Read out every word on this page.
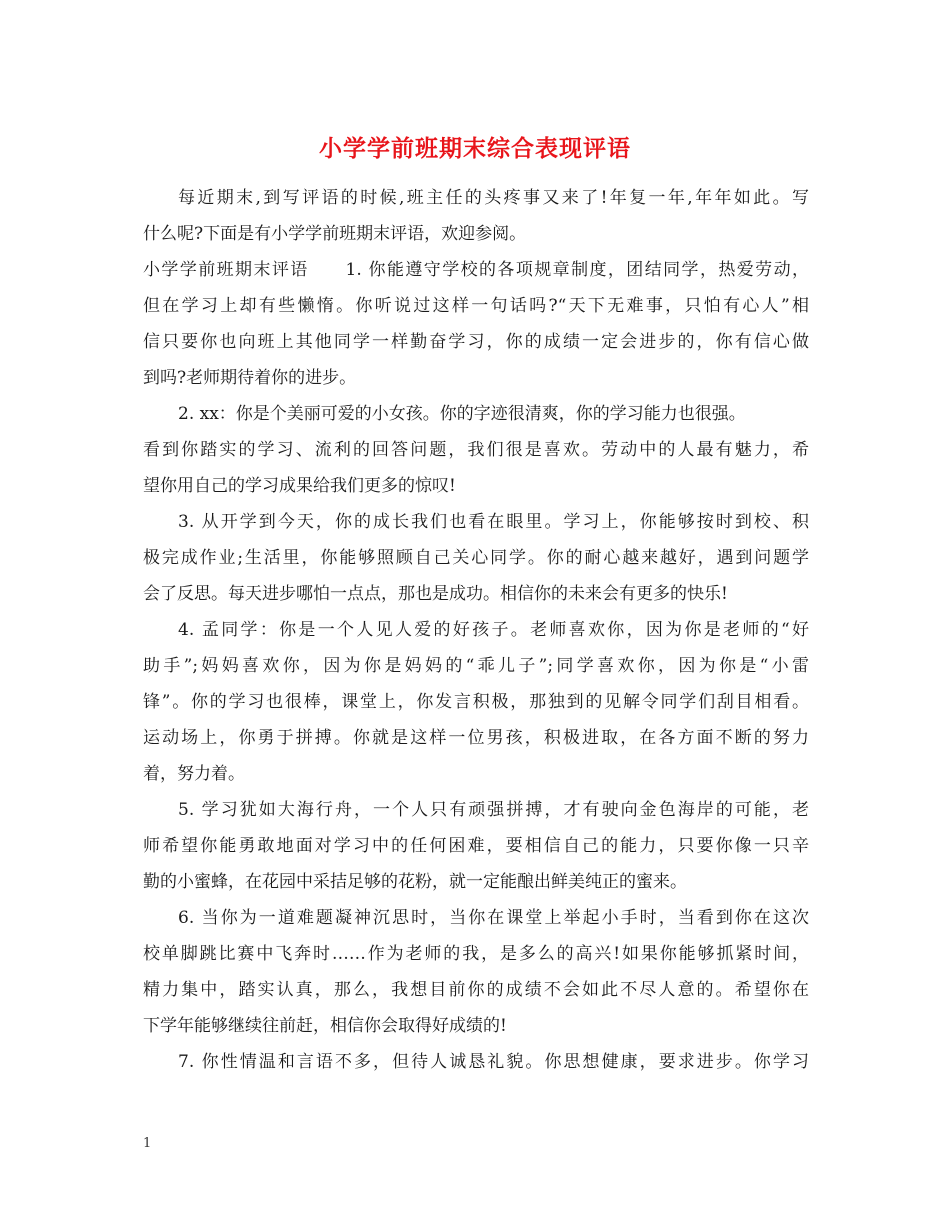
小学学前班期末综合表现评语
每近期末,到写评语的时候,班主任的头疼事又来了!年复一年,年年如此。写
什么呢?下面是有小学学前班期末评语，欢迎参阅。
小学学前班期末评语　　1. 你能遵守学校的各项规章制度，团结同学，热爱劳动，
但在学习上却有些懒惰。你听说过这样一句话吗?“天下无难事，只怕有心人”相
信只要你也向班上其他同学一样勤奋学习，你的成绩一定会进步的，你有信心做
到吗?老师期待着你的进步。
2. xx：你是个美丽可爱的小女孩。你的字迹很清爽，你的学习能力也很强。
看到你踏实的学习、流利的回答问题，我们很是喜欢。劳动中的人最有魅力，希
望你用自己的学习成果给我们更多的惊叹!
3. 从开学到今天，你的成长我们也看在眼里。学习上，你能够按时到校、积
极完成作业;生活里，你能够照顾自己关心同学。你的耐心越来越好，遇到问题学
会了反思。每天进步哪怕一点点，那也是成功。相信你的未来会有更多的快乐!
4. 孟同学：你是一个人见人爱的好孩子。老师喜欢你，因为你是老师的“好
助手”;妈妈喜欢你，因为你是妈妈的“乖儿子”;同学喜欢你，因为你是“小雷
锋”。你的学习也很棒，课堂上，你发言积极，那独到的见解令同学们刮目相看。
运动场上，你勇于拼搏。你就是这样一位男孩，积极进取，在各方面不断的努力
着，努力着。
5. 学习犹如大海行舟，一个人只有顽强拼搏，才有驶向金色海岸的可能，老
师希望你能勇敢地面对学习中的任何困难，要相信自己的能力，只要你像一只辛
勤的小蜜蜂，在花园中采拮足够的花粉，就一定能酿出鲜美纯正的蜜来。
6. 当你为一道难题凝神沉思时，当你在课堂上举起小手时，当看到你在这次
校单脚跳比赛中飞奔时……作为老师的我，是多么的高兴!如果你能够抓紧时间，
精力集中，踏实认真，那么，我想目前你的成绩不会如此不尽人意的。希望你在
下学年能够继续往前赶，相信你会取得好成绩的!
7. 你性情温和言语不多，但待人诚恳礼貌。你思想健康，要求进步。你学习
1
